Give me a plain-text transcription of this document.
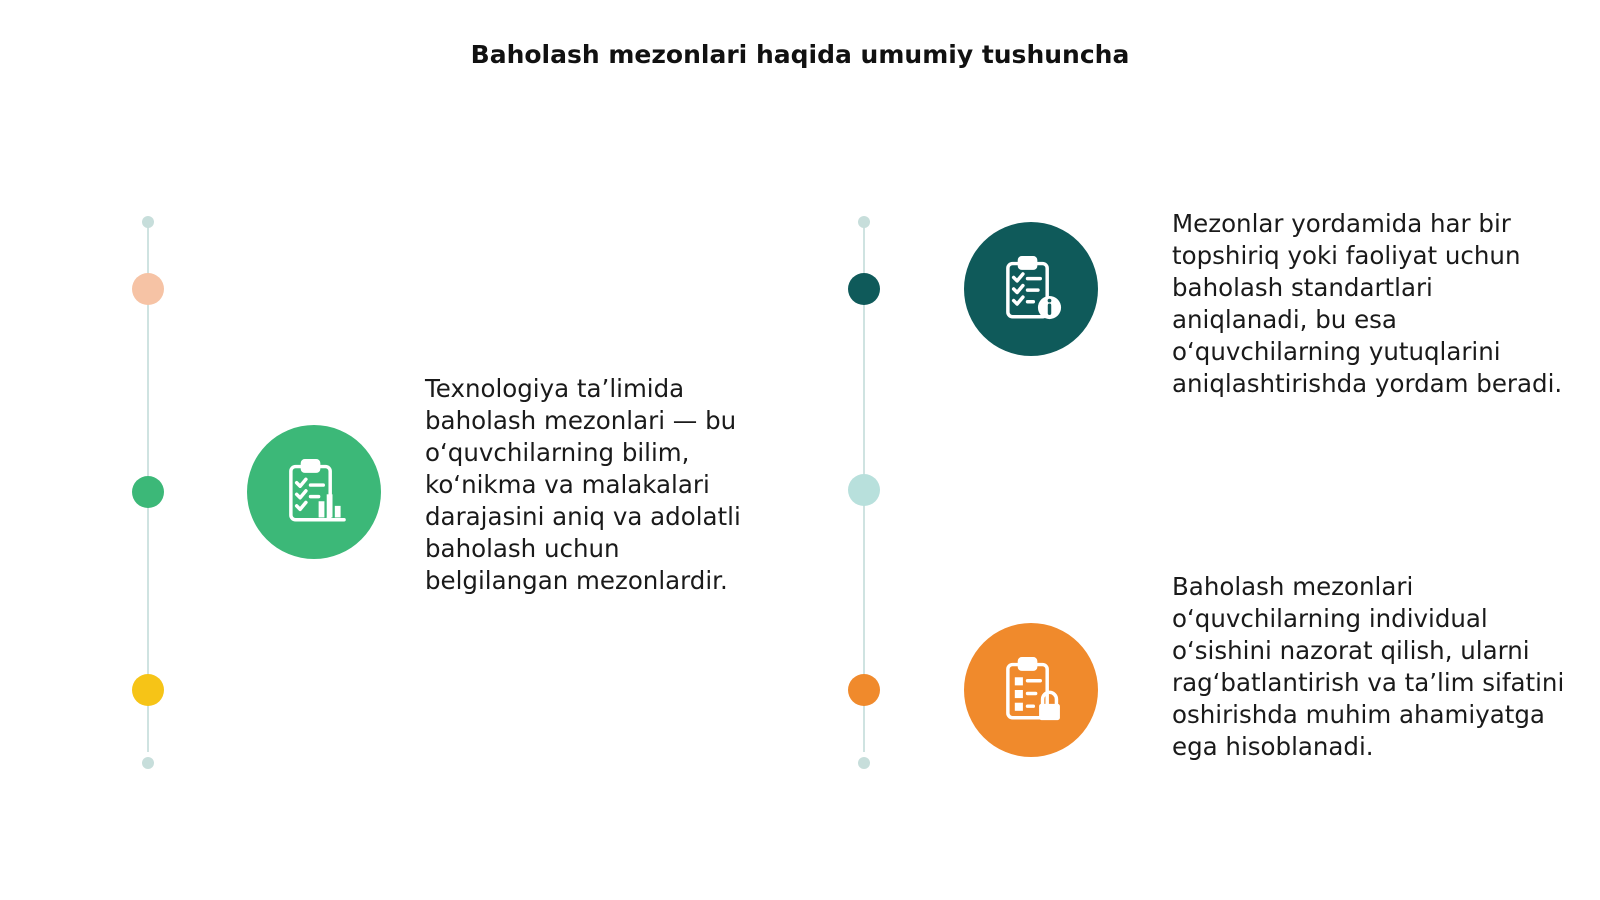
Baholash mezonlari haqida umumiy tushuncha
Texnologiya ta’limida baholash mezonlari — bu o‘quvchilarning bilim, ko‘nikma va malakalari darajasini aniq va adolatli baholash uchun belgilangan mezonlardir.
Mezonlar yordamida har bir topshiriq yoki faoliyat uchun baholash standartlari aniqlanadi, bu esa o‘quvchilarning yutuqlarini aniqlashtirishda yordam beradi.
Baholash mezonlari o‘quvchilarning individual o‘sishini nazorat qilish, ularni rag‘batlantirish va ta’lim sifatini oshirishda muhim ahamiyatga ega hisoblanadi.
